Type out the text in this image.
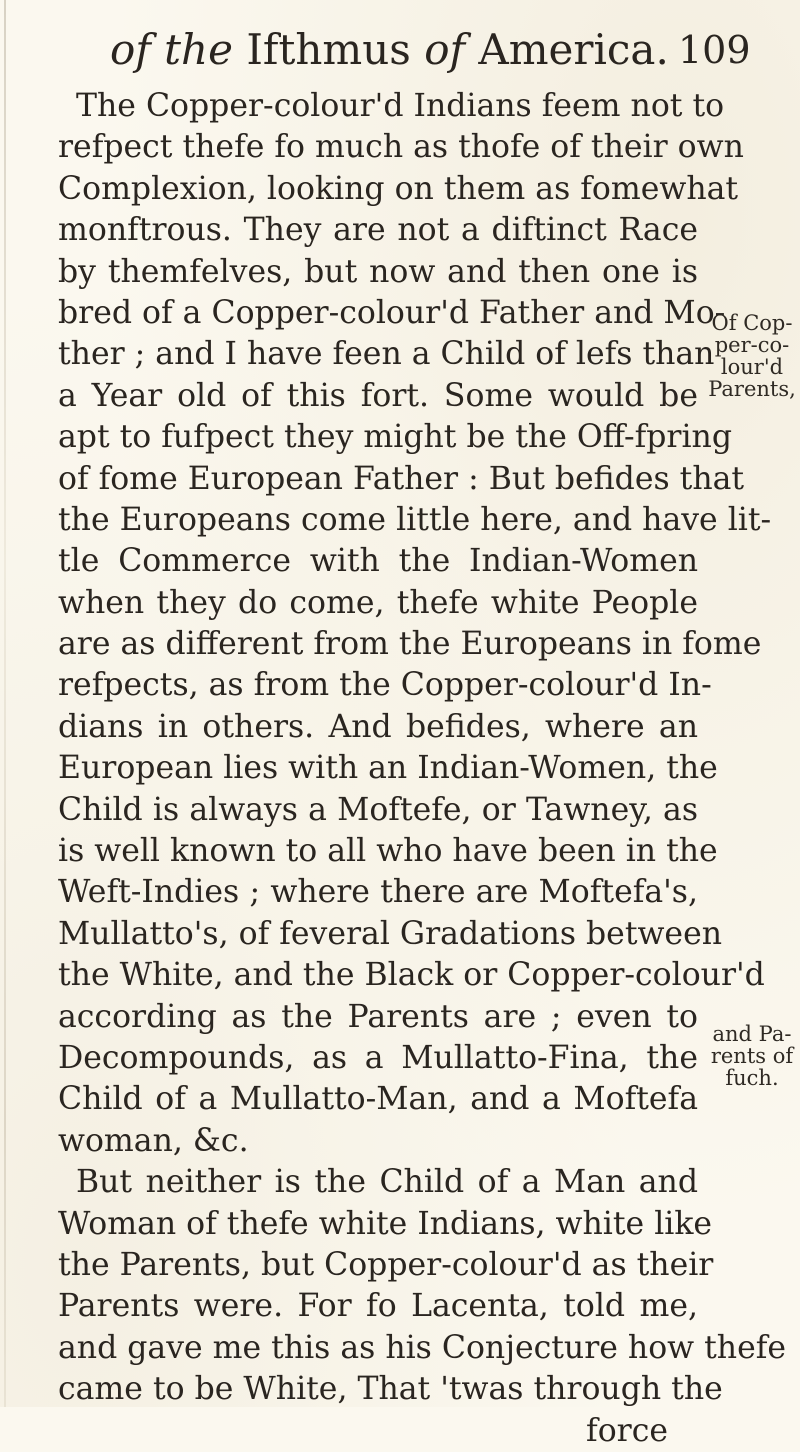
of the Ifthmus of America. 109
The Copper-colour'd Indians feem not to
refpect thefe fo much as thofe of their own
Complexion, looking on them as fomewhat
monftrous. They are not a diftinct Race
by themfelves, but now and then one is
bred of a Copper-colour'd Father and Mo-
ther ; and I have feen a Child of lefs than
a Year old of this fort. Some would be
apt to fufpect they might be the Off-fpring
of fome European Father : But befides that
the Europeans come little here, and have lit-
tle Commerce with the Indian-Women
when they do come, thefe white People
are as different from the Europeans in fome
refpects, as from the Copper-colour'd In-
dians in others. And befides, where an
European lies with an Indian-Women, the
Child is always a Moftefe, or Tawney, as
is well known to all who have been in the
Weft-Indies ; where there are Moftefa's,
Mullatto's, of feveral Gradations between
the White, and the Black or Copper-colour'd
according as the Parents are ; even to
Decompounds, as a Mullatto-Fina, the
Child of a Mullatto-Man, and a Moftefa
woman, &c.
But neither is the Child of a Man and
Woman of thefe white Indians, white like
the Parents, but Copper-colour'd as their
Parents were. For fo Lacenta, told me,
and gave me this as his Conjecture how thefe
came to be White, That 'twas through the
force
Of Cop-
per-co-
lour'd
Parents,
and Pa-
rents of
fuch.
